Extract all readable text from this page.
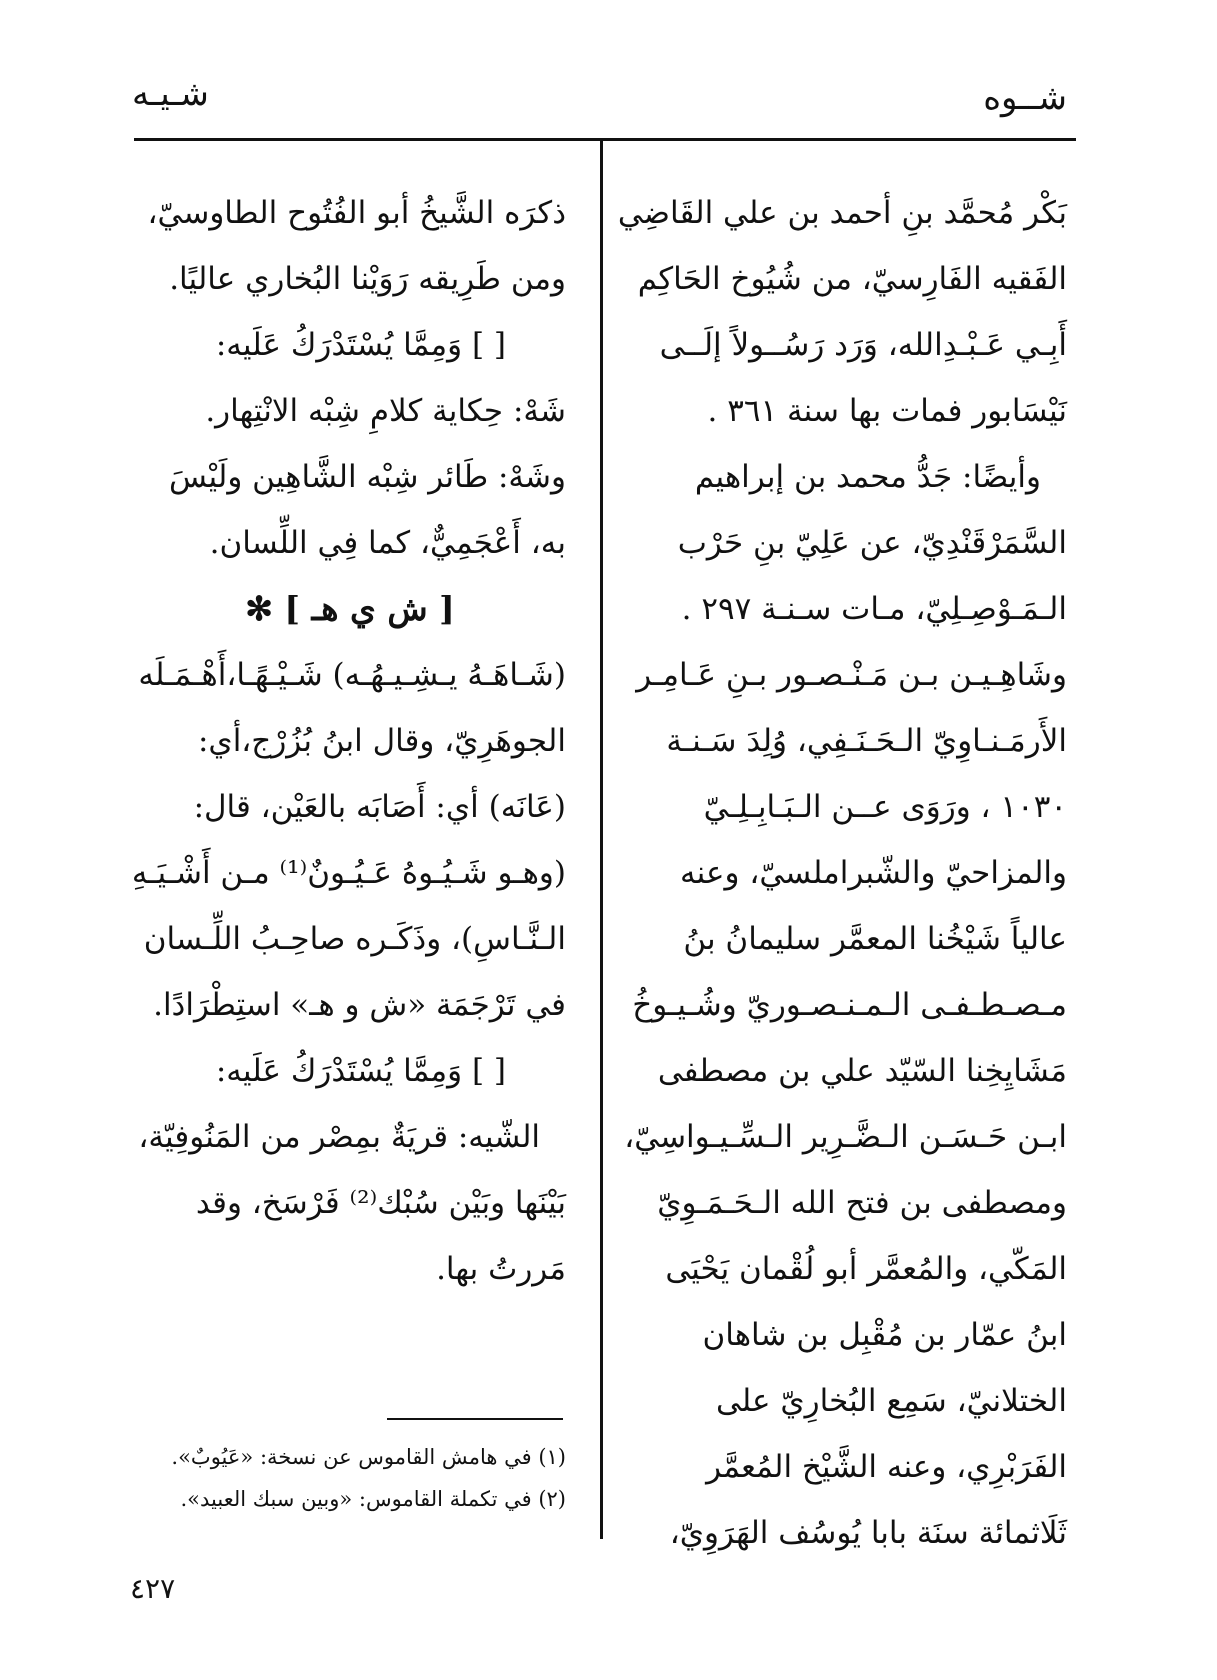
شــوه
شـيـه
بَكْر مُحمَّد بنِ أحمد بن علي القَاضِي
الفَقيه الفَارِسيّ، من شُيُوخ الحَاكِم
أَبِـي عَـبْـدِالله، وَرَد رَسُــولاً إلَــى
نَيْسَابور فمات بها سنة ٣٦١ .
وأيضًا: جَدُّ محمد بن إبراهيم
السَّمَرْقَنْدِيّ، عن عَلِيّ بنِ حَرْب
الـمَـوْصِـلِيّ، مـات سـنـة ٢٩٧ .
وشَاهِـيـن بـن مَـنْـصـور بـنِ عَـامِـر
الأَرمَـنـاوِيّ الـحَـنَـفِي، وُلِدَ سَـنـة
١٠٣٠ ، ورَوَى عــن الـبَـابِـلِـيّ
والمزاحيّ والشّبراملسيّ، وعنه
عالياً شَيْخُنا المعمَّر سليمانُ بنُ
مـصـطـفـى الـمـنـصـوريّ وشُـيـوخُ
مَشَايِخِنا السّيّد علي بن مصطفى
ابـن حَـسَـن الـضَّـرِير الـسِّـيـواسِيّ،
ومصطفى بن فتح الله الـحَـمَـوِيّ
المَكّي، والمُعمَّر أبو لُقْمان يَحْيَى
ابنُ عمّار بن مُقْبِل بن شاهان
الختلانيّ، سَمِع البُخارِيّ على
الفَرَبْرِي، وعنه الشَّيْخ المُعمَّر
ثَلَاثمائة سنَة بابا يُوسُف الهَرَوِيّ،
ذكرَه الشَّيخُ أبو الفُتُوح الطاوسيّ،
ومن طَرِيقه رَوَيْنا البُخاري عاليًا.
[ ] وَمِمَّا يُسْتَدْرَكُ عَلَيه:
شَهْ: حِكاية كلامِ شِبْه الانْتِهار.
وشَهْ: طَائر شِبْه الشَّاهِين ولَيْسَ
به، أَعْجَمِيٌّ، كما فِي اللِّسان.
[ ش ي هـ ] ✻
(شَـاهَـهُ يـشِـيـهُـه) شَـيْـهًـا،أَهْـمَـلَه
الجوهَرِيّ، وقال ابنُ بُزُرْج،أي:
(عَانَه) أي: أَصَابَه بالعَيْن، قال:
(وهـو شَـيُـوهُ عَـيُـونٌ⁽¹⁾ مـن أَشْـيَـهِ
الـنَّـاسِ)، وذَكَـره صاحِـبُ اللِّـسان
في تَرْجَمَة «ش و هـ» استِطْرَادًا.
[ ] وَمِمَّا يُسْتَدْرَكُ عَلَيه:
الشّيه: قريَةٌ بمِصْر من المَنُوفِيّة،
بَيْنَها وبَيْن سُبْك⁽²⁾ فَرْسَخ، وقد
مَررتُ بها.
(١) في هامش القاموس عن نسخة: «عَيُوبٌ».
(٢) في تكملة القاموس: «وبين سبك العبيد».
٤٢٧
